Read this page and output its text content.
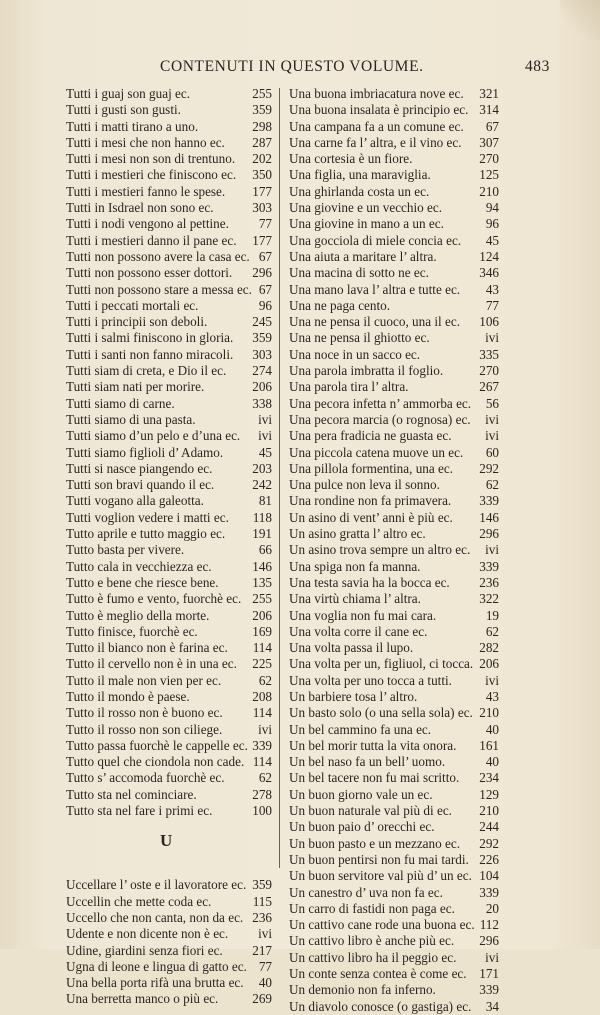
CONTENUTI IN QUESTO VOLUME.	483
Tutti i guaj son guaj ec.	255
Tutti i gusti son gusti.	359
Tutti i matti tirano a uno.	298
Tutti i mesi che non hanno ec. 287
Tutti i mesi non son di trentuno. 202
Tutti i mestieri che finiscono ec. 350
Tutti i mestieri fanno le spese. 177
Tutti in Isdrael non sono ec.	303
Tutti i nodi vengono al pettine. 77
Tutti i mestieri danno il pane ec. 177
Tutti non possono avere la casa ec. 67
Tutti non possono esser dottori. 296
Tutti non possono stare a messa ec. 67
Tutti i peccati mortali ec.	96
Tutti i principii son deboli.	245
Tutti i salmi finiscono in gloria. 359
Tutti i santi non fanno miracoli. 303
Tutti siam di creta, e Dio il ec. 274
Tutti siam nati per morire.	206
Tutti siamo di carne.	338
Tutti siamo di una pasta.	ivi
Tutti siamo d’un pelo e d’una ec. ivi
Tutti siamo figlioli d’ Adamo.	45
Tutti si nasce piangendo ec.	203
Tutti son bravi quando il ec.	242
Tutti vogano alla galeotta.	81
Tutti voglion vedere i matti ec. 118
Tutto aprile e tutto maggio ec. 191
Tutto basta per vivere.	66
Tutto cala in vecchiezza ec.	146
Tutto e bene che riesce bene.	135
Tutto è fumo e vento, fuorchè ec. 255
Tutto è meglio della morte.	206
Tutto finisce, fuorchè ec.	169
Tutto il bianco non è farina ec. 114
Tutto il cervello non è in una ec. 225
Tutto il male non vien per ec.	62
Tutto il mondo è paese.	208
Tutto il rosso non è buono ec. 114
Tutto il rosso non son ciliege.	ivi
Tutto passa fuorchè le cappelle ec. 339
Tutto quel che ciondola non cade. 114
Tutto s’ accomoda fuorchè ec.	62
Tutto sta nel cominciare.	278
Tutto sta nel fare i primi ec.	100
U
Uccellare l’ oste e il lavoratore ec. 359
Uccellin che mette coda ec.	115
Uccello che non canta, non da ec. 236
Udente e non dicente non è ec. ivi
Udine, giardini senza fiori ec. 217
Ugna di leone e lingua di gatto ec. 77
Una bella porta rifà una brutta ec. 40
Una berretta manco o più ec.	269
Una buona imbriacatura nove ec. 321
Una buona insalata è principio ec. 314
Una campana fa a un comune ec. 67
Una carne fa l’ altra, e il vino ec. 307
Una cortesia è un fiore.	270
Una figlia, una maraviglia.	125
Una ghirlanda costa un ec.	210
Una giovine e un vecchio ec.	94
Una giovine in mano a un ec.	96
Una gocciola di miele concia ec. 45
Una aiuta a maritare l’ altra.	124
Una macina di sotto ne ec.	346
Una mano lava l’ altra e tutte ec. 43
Una ne paga cento.	77
Una ne pensa il cuoco, una il ec. 106
Una ne pensa il ghiotto ec.	ivi
Una noce in un sacco ec.	335
Una parola imbratta il foglio.	270
Una parola tira l’ altra.	267
Una pecora infetta n’ ammorba ec. 56
Una pecora marcia (o rognosa) ec. ivi
Una pera fradicia ne guasta ec.	ivi
Una piccola catena muove un ec. 60
Una pillola formentina, una ec. 292
Una pulce non leva il sonno.	62
Una rondine non fa primavera. 339
Un asino di vent’ anni è più ec. 146
Un asino gratta l’ altro ec.	296
Un asino trova sempre un altro ec. ivi
Una spiga non fa manna.	339
Una testa savia ha la bocca ec. 236
Una virtù chiama l’ altra.	322
Una voglia non fu mai cara.	19
Una volta corre il cane ec.	62
Una volta passa il lupo.	282
Una volta per un, figliuol, ci tocca. 206
Una volta per uno tocca a tutti.	ivi
Un barbiere tosa l’ altro.	43
Un basto solo (o una sella sola) ec. 210
Un bel cammino fa una ec.	40
Un bel morir tutta la vita onora. 161
Un bel naso fa un bell’ uomo.	40
Un bel tacere non fu mai scritto. 234
Un buon giorno vale un ec.	129
Un buon naturale val più di ec. 210
Un buon paio d’ orecchi ec.	244
Un buon pasto e un mezzano ec. 292
Un buon pentirsi non fu mai tardi. 226
Un buon servitore val più d’ un ec. 104
Un canestro d’ uva non fa ec.	339
Un carro di fastidi non paga ec. 20
Un cattivo cane rode una buona ec. 112
Un cattivo libro è anche più ec. 296
Un cattivo libro ha il peggio ec. ivi
Un conte senza contea è come ec. 171
Un demonio non fa inferno.	339
Un diavolo conosce (o gastiga) ec. 34
